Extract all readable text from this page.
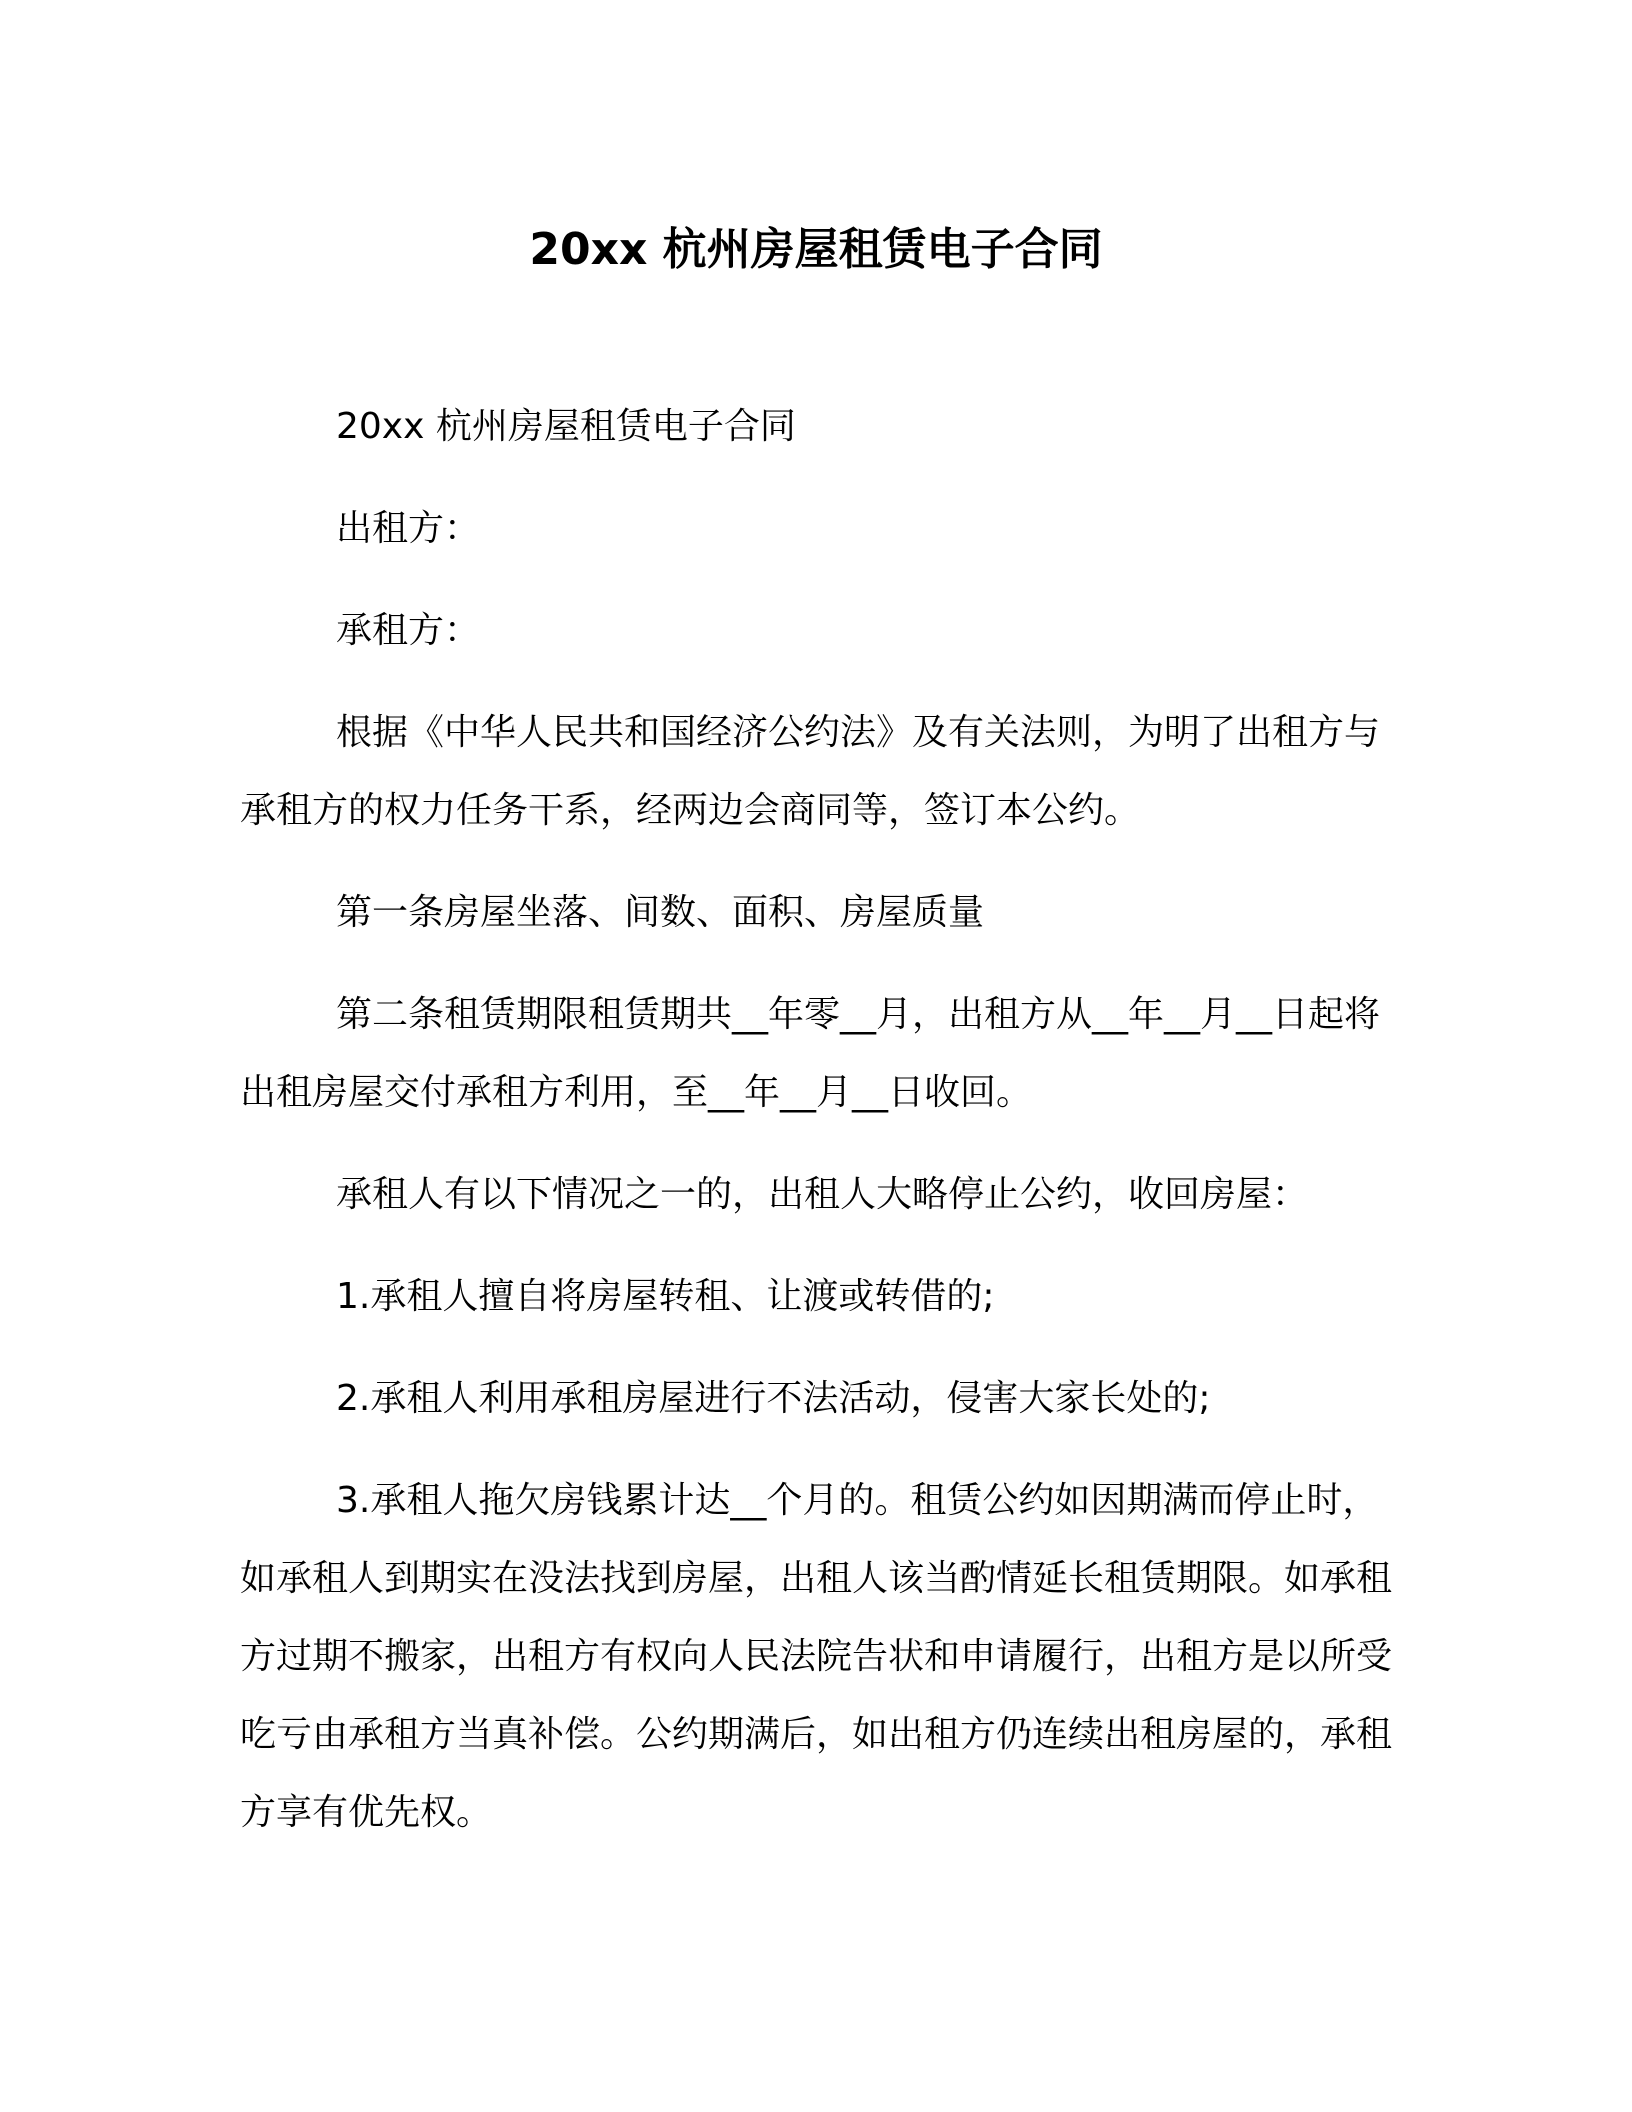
20xx 杭州房屋租赁电子合同

20xx 杭州房屋租赁电子合同

出租方：

承租方：

根据《中华人民共和国经济公约法》及有关法则，为明了出租方与承租方的权力任务干系，经两边会商同等，签订本公约。

第一条房屋坐落、间数、面积、房屋质量

第二条租赁期限租赁期共__年零__月，出租方从__年__月__日起将出租房屋交付承租方利用，至__年__月__日收回。

承租人有以下情况之一的，出租人大略停止公约，收回房屋：

1.承租人擅自将房屋转租、让渡或转借的;

2.承租人利用承租房屋进行不法活动，侵害大家长处的;

3.承租人拖欠房钱累计达__个月的。租赁公约如因期满而停止时，如承租人到期实在没法找到房屋，出租人该当酌情延长租赁期限。如承租方过期不搬家，出租方有权向人民法院告状和申请履行，出租方是以所受吃亏由承租方当真补偿。公约期满后，如出租方仍连续出租房屋的，承租方享有优先权。
